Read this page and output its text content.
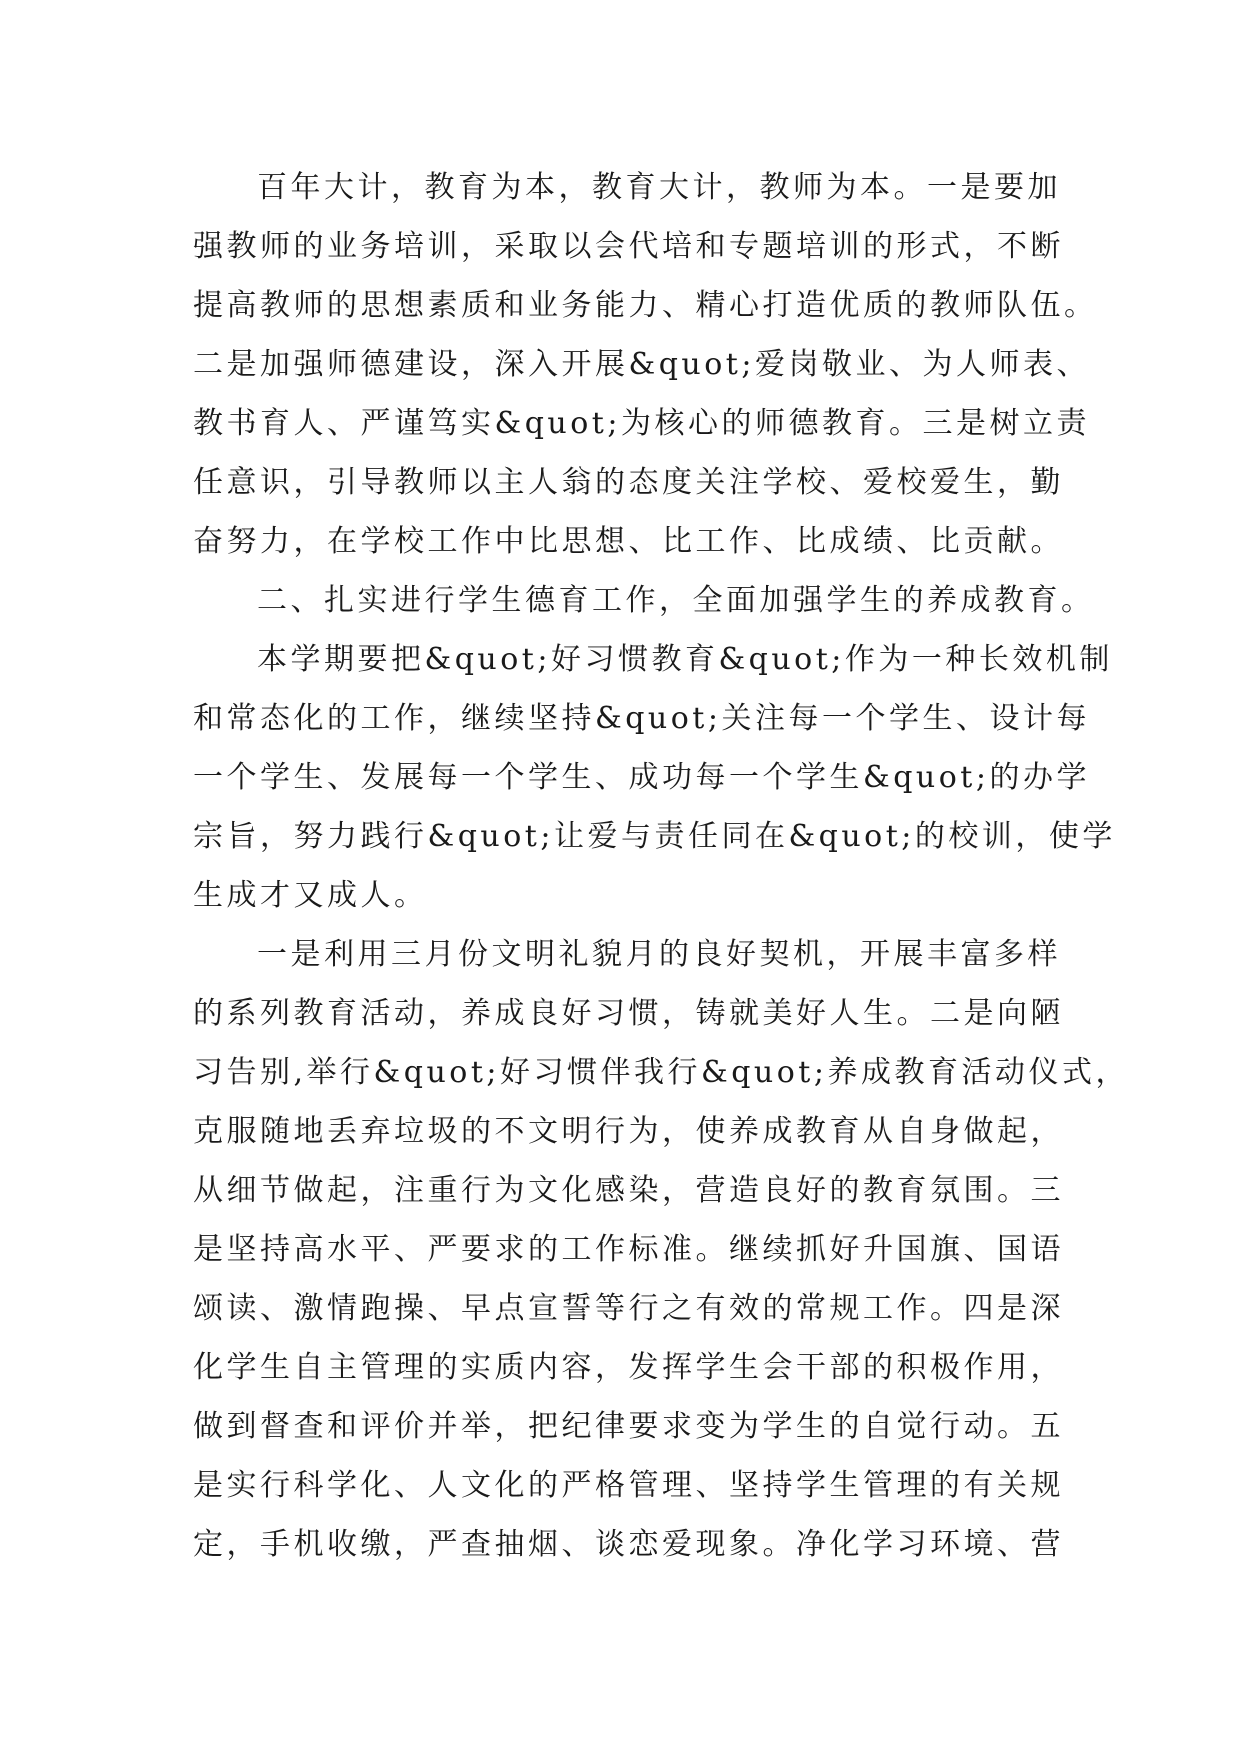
百年大计，教育为本，教育大计，教师为本。一是要加
强教师的业务培训，采取以会代培和专题培训的形式，不断
提高教师的思想素质和业务能力、精心打造优质的教师队伍。
二是加强师德建设，深入开展&quot;爱岗敬业、为人师表、
教书育人、严谨笃实&quot;为核心的师德教育。三是树立责
任意识，引导教师以主人翁的态度关注学校、爱校爱生，勤
奋努力，在学校工作中比思想、比工作、比成绩、比贡献。
二、扎实进行学生德育工作，全面加强学生的养成教育。
本学期要把&quot;好习惯教育&quot;作为一种长效机制
和常态化的工作，继续坚持&quot;关注每一个学生、设计每
一个学生、发展每一个学生、成功每一个学生&quot;的办学
宗旨，努力践行&quot;让爱与责任同在&quot;的校训，使学
生成才又成人。
一是利用三月份文明礼貌月的良好契机，开展丰富多样
的系列教育活动，养成良好习惯，铸就美好人生。二是向陋
习告别,举行&quot;好习惯伴我行&quot;养成教育活动仪式，
克服随地丢弃垃圾的不文明行为，使养成教育从自身做起，
从细节做起，注重行为文化感染，营造良好的教育氛围。三
是坚持高水平、严要求的工作标准。继续抓好升国旗、国语
颂读、激情跑操、早点宣誓等行之有效的常规工作。四是深
化学生自主管理的实质内容，发挥学生会干部的积极作用，
做到督查和评价并举，把纪律要求变为学生的自觉行动。五
是实行科学化、人文化的严格管理、坚持学生管理的有关规
定，手机收缴，严查抽烟、谈恋爱现象。净化学习环境、营
